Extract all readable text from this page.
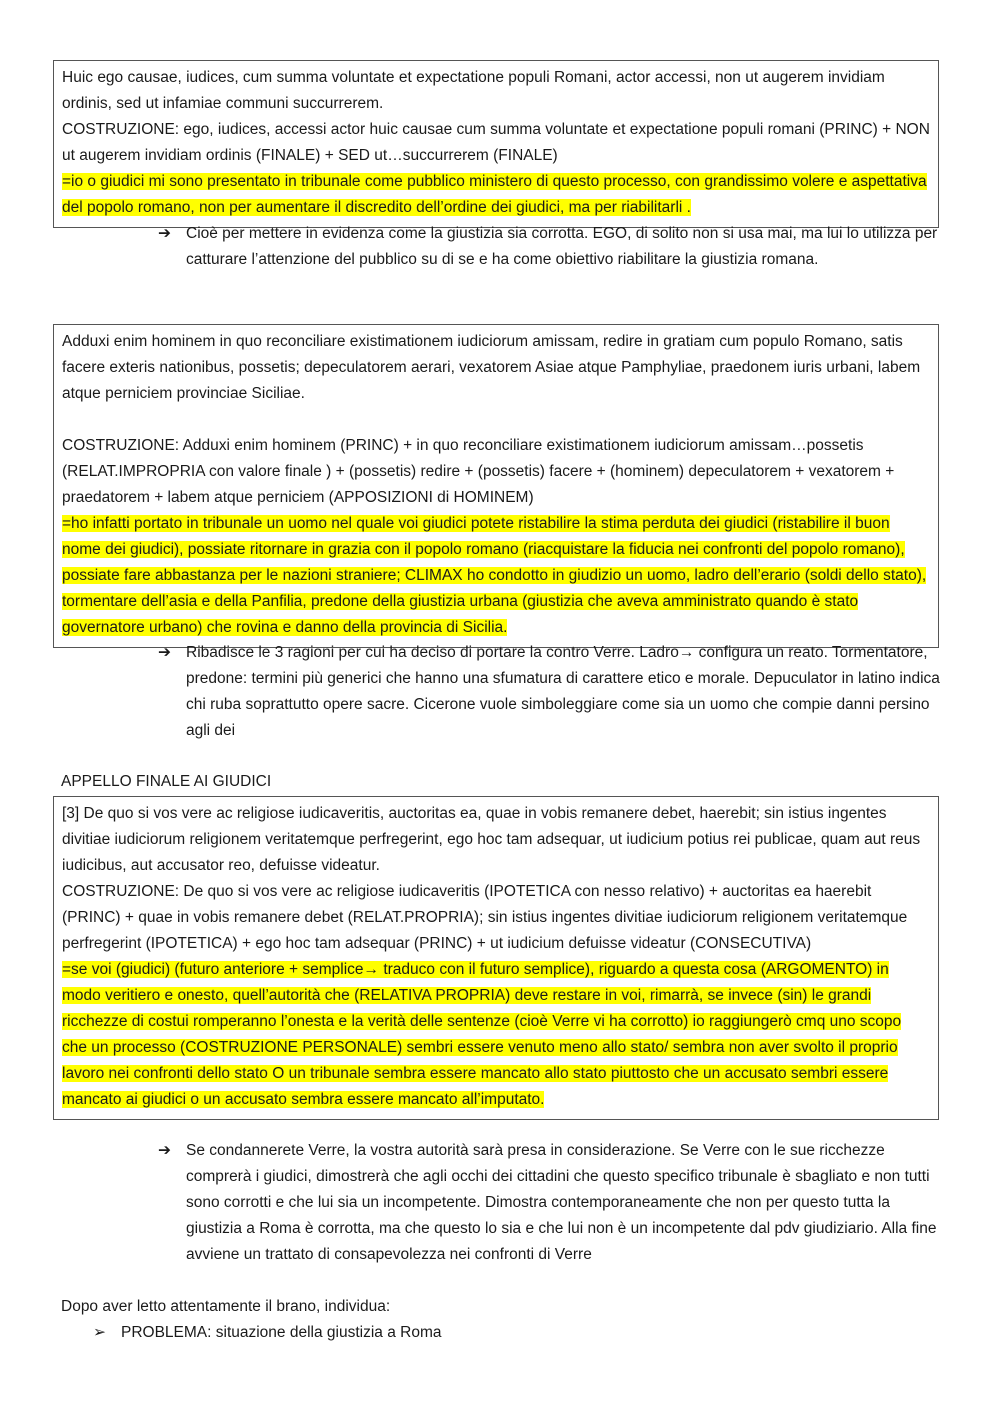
Huic ego causae, iudices, cum summa voluntate et expectatione populi Romani, actor accessi, non ut augerem invidiam ordinis, sed ut infamiae communi succurrerem.

COSTRUZIONE: ego, iudices, accessi actor huic causae cum summa voluntate et expectatione populi romani (PRINC) + NON ut augerem invidiam ordinis (FINALE) + SED ut…succurrerem (FINALE)

=io o giudici mi sono presentato in tribunale come pubblico ministero di questo processo, con grandissimo volere e aspettativa del popolo romano, non per aumentare il discredito dell’ordine dei giudici, ma per riabilitarli .

➔ Cioè per mettere in evidenza come la giustizia sia corrotta. EGO, di solito non si usa mai, ma lui lo utilizza per catturare l’attenzione del pubblico su di se e ha come obiettivo riabilitare la giustizia romana.

Adduxi enim hominem in quo reconciliare existimationem iudiciorum amissam, redire in gratiam cum populo Romano, satis facere exteris nationibus, possetis; depeculatorem aerari, vexatorem Asiae atque Pamphyliae, praedonem iuris urbani, labem atque perniciem provinciae Siciliae.

COSTRUZIONE: Adduxi enim hominem (PRINC) + in quo reconciliare existimationem iudiciorum amissam…possetis (RELAT.IMPROPRIA con valore finale ) + (possetis) redire + (possetis) facere + (hominem) depeculatorem + vexatorem + praedatorem + labem atque perniciem (APPOSIZIONI di HOMINEM)

=ho infatti portato in tribunale un uomo nel quale voi giudici potete ristabilire la stima perduta dei giudici (ristabilire il buon nome dei giudici), possiate ritornare in grazia con il popolo romano (riacquistare la fiducia nei confronti del popolo romano), possiate fare abbastanza per le nazioni straniere; CLIMAX ho condotto in giudizio un uomo, ladro dell’erario (soldi dello stato), tormentare dell’asia e della Panfilia, predone della giustizia urbana (giustizia che aveva amministrato quando è stato governatore urbano) che rovina e danno della provincia di Sicilia.

➔ Ribadisce le 3 ragioni per cui ha deciso di portare la contro Verre. Ladro→ configura un reato. Tormentatore, predone: termini più generici che hanno una sfumatura di carattere etico e morale. Depuculator in latino indica chi ruba soprattutto opere sacre. Cicerone vuole simboleggiare come sia un uomo che compie danni persino agli dei
APPELLO FINALE AI GIUDICI

[3] De quo si vos vere ac religiose iudicaveritis, auctoritas ea, quae in vobis remanere debet, haerebit; sin istius ingentes divitiae iudiciorum religionem veritatemque perfregerint, ego hoc tam adsequar, ut iudicium potius rei publicae, quam aut reus iudicibus, aut accusator reo, defuisse videatur.

COSTRUZIONE: De quo si vos vere ac religiose iudicaveritis (IPOTETICA con nesso relativo) + auctoritas ea haerebit (PRINC) + quae in vobis remanere debet (RELAT.PROPRIA); sin istius ingentes divitiae iudiciorum religionem veritatemque perfregerint (IPOTETICA) + ego hoc tam adsequar (PRINC) + ut iudicium defuisse videatur (CONSECUTIVA)

=se voi (giudici) (futuro anteriore + semplice→ traduco con il futuro semplice), riguardo a questa cosa (ARGOMENTO) in modo veritiero e onesto, quell’autorità che (RELATIVA PROPRIA) deve restare in voi, rimarrà, se invece (sin) le grandi ricchezze di costui romperanno l’onesta e la verità delle sentenze (cioè Verre vi ha corrotto) io raggiungerò cmq uno scopo che un processo (COSTRUZIONE PERSONALE) sembri essere venuto meno allo stato/ sembra non aver svolto il proprio lavoro nei confronti dello stato O un tribunale sembra essere mancato allo stato piuttosto che un accusato sembri essere mancato ai giudici o un accusato sembra essere mancato all’imputato.

➔ Se condannerete Verre, la vostra autorità sarà presa in considerazione. Se Verre con le sue ricchezze comprerà i giudici, dimostrerà che agli occhi dei cittadini che questo specifico tribunale è sbagliato e non tutti sono corrotti e che lui sia un incompetente. Dimostra contemporaneamente che non per questo tutta la giustizia a Roma è corrotta, ma che questo lo sia e che lui non è un incompetente dal pdv giudiziario. Alla fine avviene un trattato di consapevolezza nei confronti di Verre
Dopo aver letto attentamente il brano, individua:
➢ PROBLEMA: situazione della giustizia a Roma
